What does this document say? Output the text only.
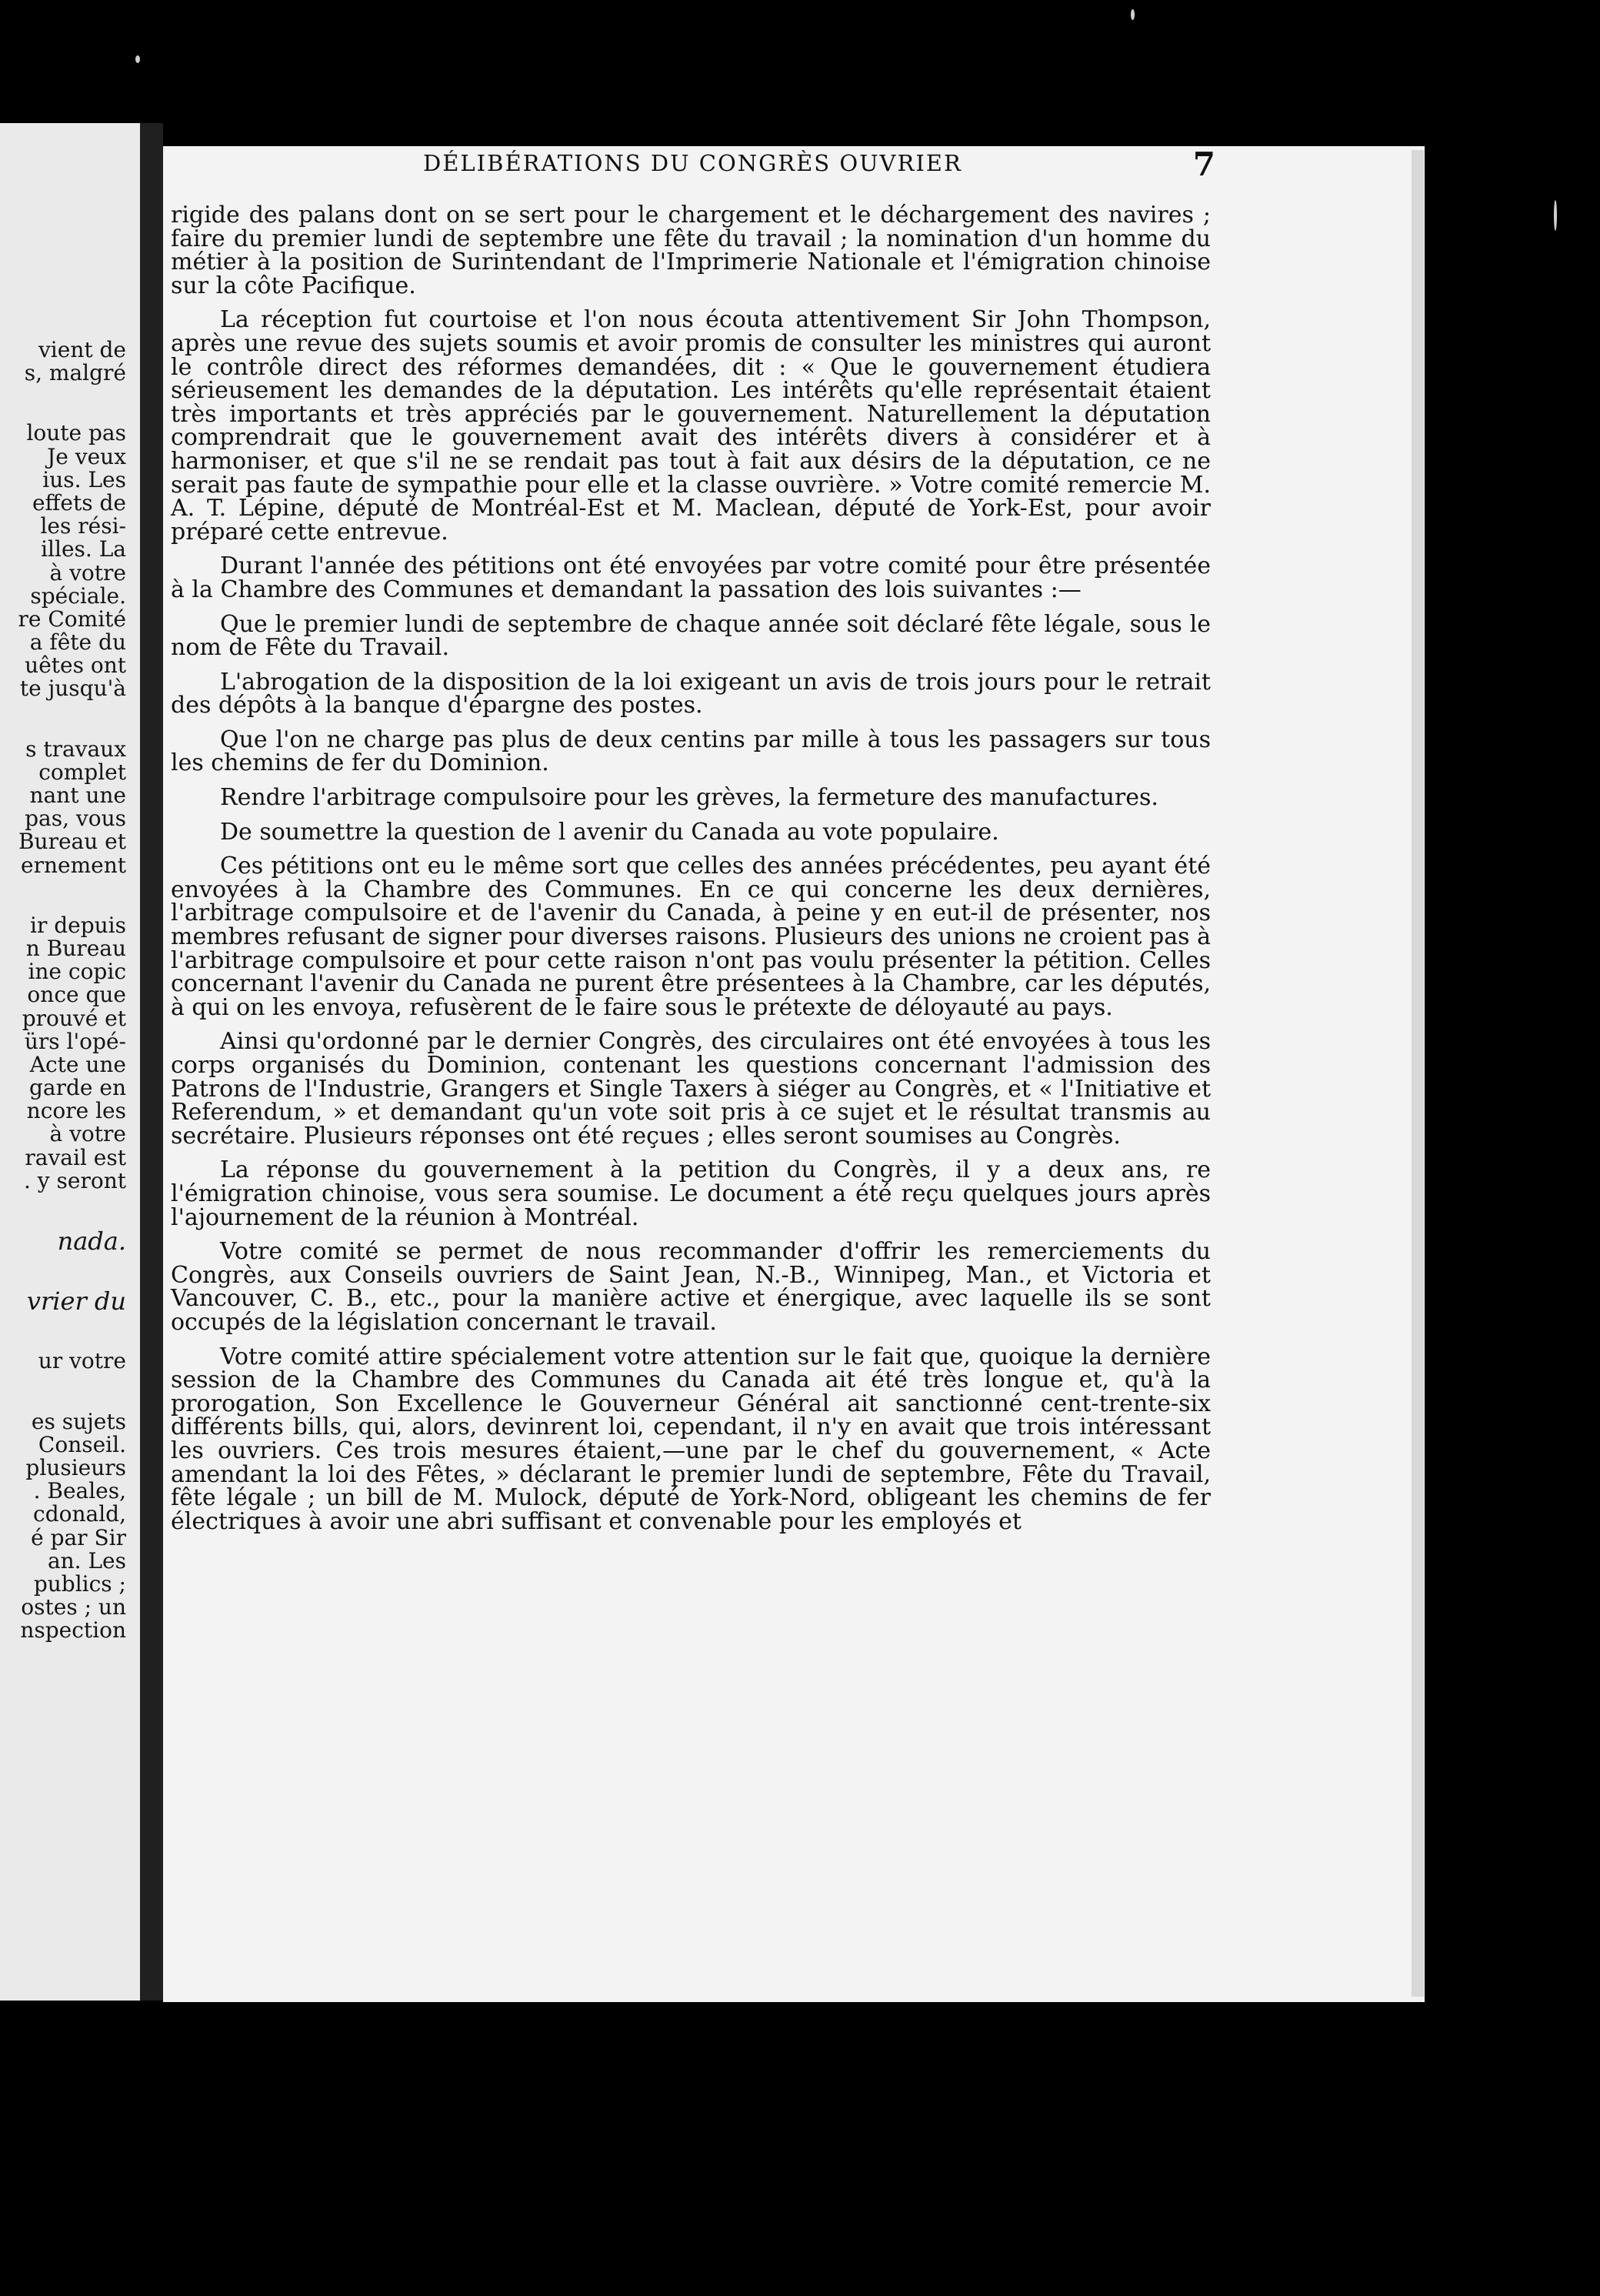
vient de
s, malgré
loute pas
Je veux
ius. Les
effets de
les rési-
illes. La
à votre
spéciale.
re Comité
a fête du
uêtes ont
te jusqu'à
s travaux
complet
nant une
pas, vous
Bureau et
ernement
ir depuis
n Bureau
ine copic
once que
prouvé et
ürs l'opé-
Acte une
garde en
ncore les
à votre
ravail est
. y seront
nada.
vrier du
ur votre
es sujets
Conseil.
plusieurs
. Beales,
cdonald,
é par Sir
an. Les
publics ;
ostes ; un
nspection
DÉLIBÉRATIONS DU CONGRÈS OUVRIER	7

rigide des palans dont on se sert pour le chargement et le déchargement des navires ; faire du premier lundi de septembre une fête du travail ; la nomination d'un homme du métier à la position de Surintendant de l'Imprimerie Nationale et l'émigration chinoise sur la côte Pacifique.

La réception fut courtoise et l'on nous écouta attentivement Sir John Thompson, après une revue des sujets soumis et avoir promis de consulter les ministres qui auront le contrôle direct des réformes demandées, dit : « Que le gouvernement étudiera sérieusement les demandes de la députation. Les intérêts qu'elle représentait étaient très importants et très appréciés par le gouvernement. Naturellement la députation comprendrait que le gouvernement avait des intérêts divers à considérer et à harmoniser, et que s'il ne se rendait pas tout à fait aux désirs de la députation, ce ne serait pas faute de sympathie pour elle et la classe ouvrière. » Votre comité remercie M. A. T. Lépine, député de Montréal-Est et M. Maclean, député de York-Est, pour avoir préparé cette entrevue.

Durant l'année des pétitions ont été envoyées par votre comité pour être présentée à la Chambre des Communes et demandant la passation des lois suivantes :—

Que le premier lundi de septembre de chaque année soit déclaré fête légale, sous le nom de Fête du Travail.

L'abrogation de la disposition de la loi exigeant un avis de trois jours pour le retrait des dépôts à la banque d'épargne des postes.

Que l'on ne charge pas plus de deux centins par mille à tous les passagers sur tous les chemins de fer du Dominion.

Rendre l'arbitrage compulsoire pour les grèves, la fermeture des manufactures.

De soumettre la question de l avenir du Canada au vote populaire.

Ces pétitions ont eu le même sort que celles des années précédentes, peu ayant été envoyées à la Chambre des Communes. En ce qui concerne les deux dernières, l'arbitrage compulsoire et de l'avenir du Canada, à peine y en eut-il de présenter, nos membres refusant de signer pour diverses raisons. Plusieurs des unions ne croient pas à l'arbitrage compulsoire et pour cette raison n'ont pas voulu présenter la pétition. Celles concernant l'avenir du Canada ne purent être présentees à la Chambre, car les députés, à qui on les envoya, refusèrent de le faire sous le prétexte de déloyauté au pays.

Ainsi qu'ordonné par le dernier Congrès, des circulaires ont été envoyées à tous les corps organisés du Dominion, contenant les questions concernant l'admission des Patrons de l'Industrie, Grangers et Single Taxers à siéger au Congrès, et « l'Initiative et Referendum, » et demandant qu'un vote soit pris à ce sujet et le résultat transmis au secrétaire. Plusieurs réponses ont été reçues ; elles seront soumises au Congrès.

La réponse du gouvernement à la petition du Congrès, il y a deux ans, re l'émigration chinoise, vous sera soumise. Le document a été reçu quelques jours après l'ajournement de la réunion à Montréal.

Votre comité se permet de nous recommander d'offrir les remerciements du Congrès, aux Conseils ouvriers de Saint Jean, N.-B., Winnipeg, Man., et Victoria et Vancouver, C. B., etc., pour la manière active et énergique, avec laquelle ils se sont occupés de la législation concernant le travail.

Votre comité attire spécialement votre attention sur le fait que, quoique la dernière session de la Chambre des Communes du Canada ait été très longue et, qu'à la prorogation, Son Excellence le Gouverneur Général ait sanctionné cent-trente-six différents bills, qui, alors, devinrent loi, cependant, il n'y en avait que trois intéressant les ouvriers. Ces trois mesures étaient,—une par le chef du gouvernement, « Acte amendant la loi des Fêtes, » déclarant le premier lundi de septembre, Fête du Travail, fête légale ; un bill de M. Mulock, député de York-Nord, obligeant les chemins de fer électriques à avoir une abri suffisant et convenable pour les employés et
